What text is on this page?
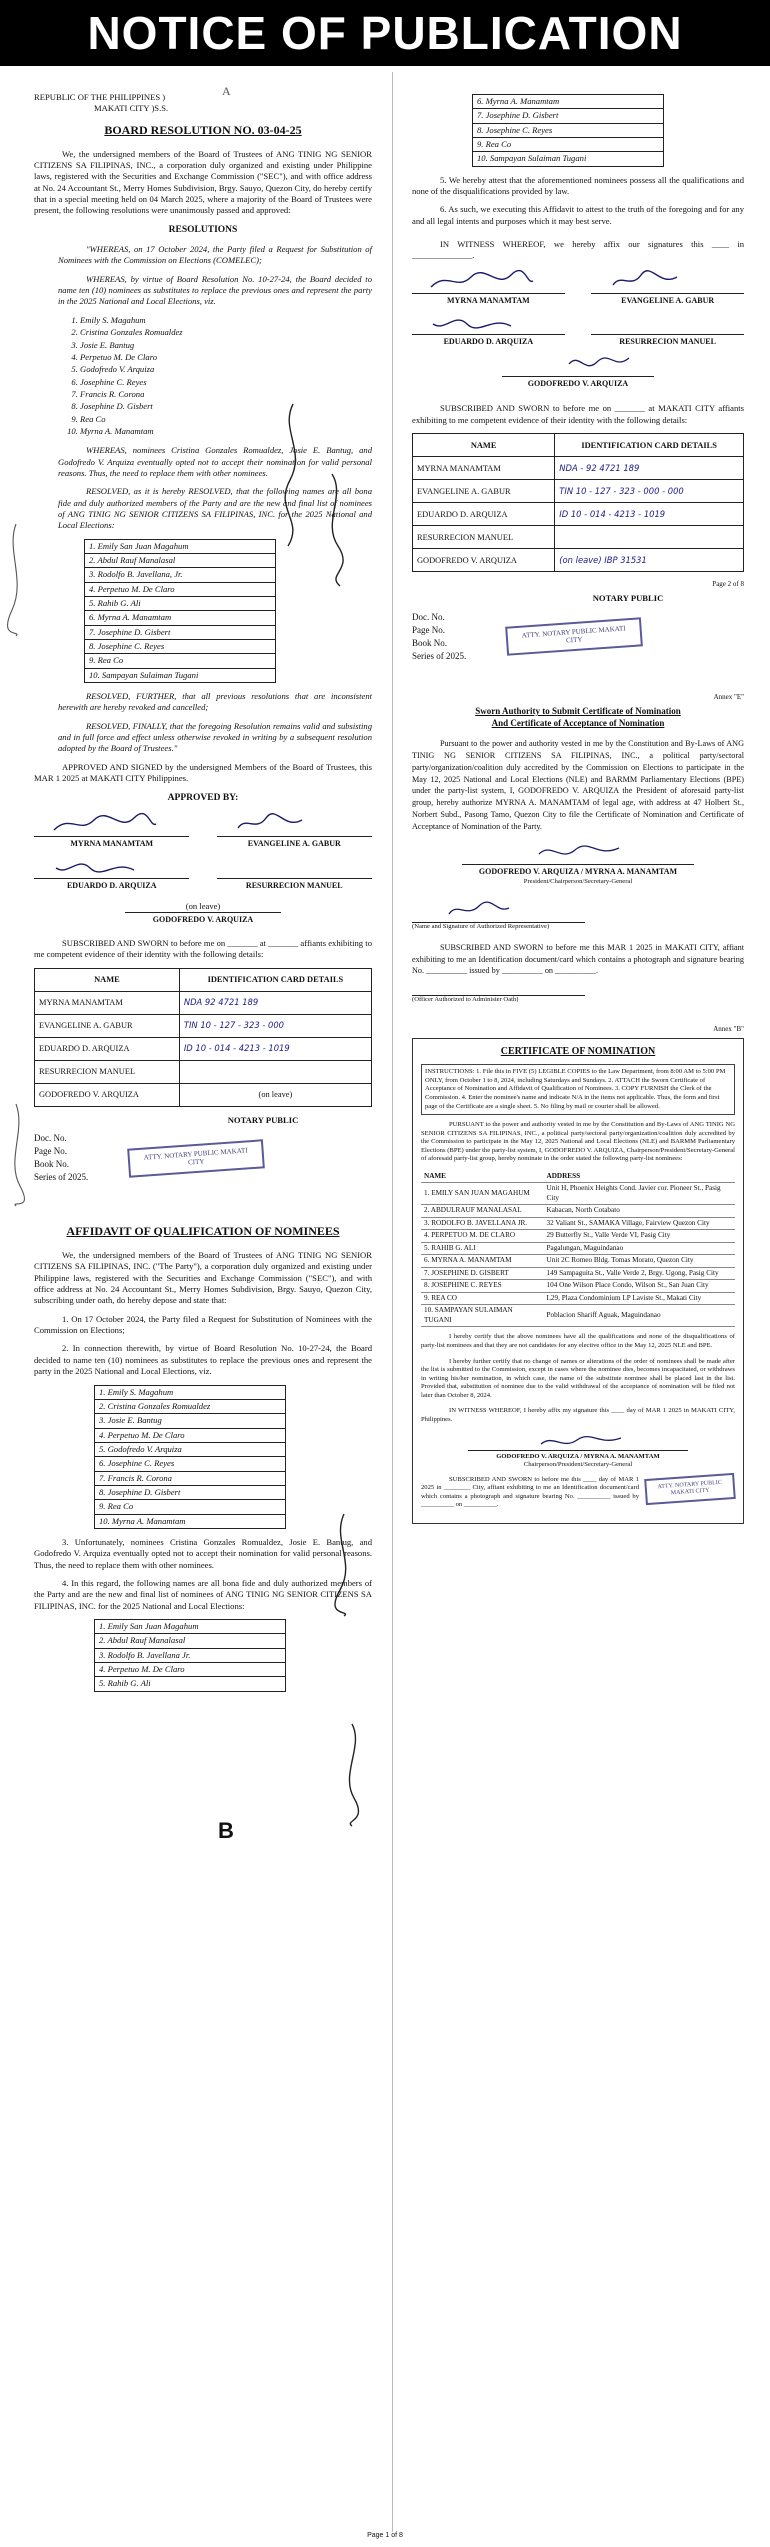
NOTICE OF PUBLICATION
A
B
REPUBLIC OF THE PHILIPPINES )
MAKATI CITY )S.S.
BOARD RESOLUTION NO. 03-04-25

We, the undersigned members of the Board of Trustees of ANG TINIG NG SENIOR CITIZENS SA FILIPINAS, INC., a corporation duly organized and existing under Philippine laws, registered with the Securities and Exchange Commission ("SEC"), and with office address at No. 24 Accountant St., Merry Homes Subdivision, Brgy. Sauyo, Quezon City, do hereby certify that in a special meeting held on 04 March 2025, where a majority of the Board of Trustees were present, the following resolutions were unanimously passed and approved:

RESOLUTIONS

"WHEREAS, on 17 October 2024, the Party filed a Request for Substitution of Nominees with the Commission on Elections (COMELEC);

WHEREAS, by virtue of Board Resolution No. 10-27-24, the Board decided to name ten (10) nominees as substitutes to replace the previous ones and represent the party in the 2025 National and Local Elections, viz.

1. Emily S. Magahum
2. Cristina Gonzales Romualdez
3. Josie E. Bantug
4. Perpetuo M. De Claro
5. Godofredo V. Arquiza
6. Josephine C. Reyes
7. Francis R. Corona
8. Josephine D. Gisbert
9. Rea Co
10. Myrna A. Manamtam

WHEREAS, nominees Cristina Gonzales Romualdez, Josie E. Bantug, and Godofredo V. Arquiza eventually opted not to accept their nomination for valid personal reasons. Thus, the need to replace them with other nominees.

RESOLVED, as it is hereby RESOLVED, that the following names are all bona fide and duly authorized members of the Party and are the new and final list of nominees of ANG TINIG NG SENIOR CITIZENS SA FILIPINAS, INC. for the 2025 National and Local Elections:

1. Emily San Juan Magahum
2. Abdul Rauf Manalasal
3. Rodolfo B. Javellana, Jr.
4. Perpetuo M. De Claro
5. Rahib G. Ali
6. Myrna A. Manamtam
7. Josephine D. Gisbert
8. Josephine C. Reyes
9. Rea Co
10. Sampayan Sulaiman Tugani

RESOLVED, FURTHER, that all previous resolutions that are inconsistent herewith are hereby revoked and cancelled;

RESOLVED, FINALLY, that the foregoing Resolution remains valid and subsisting and in full force and effect unless otherwise revoked in writing by a subsequent resolution adopted by the Board of Trustees."

APPROVED AND SIGNED by the undersigned Members of the Board of Trustees, this MAR 1 2025 at MAKATI CITY Philippines.

APPROVED BY:
MYRNA MANAMTAM	EVANGELINE A. GABUR
EDUARDO D. ARQUIZA	RESURRECION MANUEL
(on leave)
GODOFREDO V. ARQUIZA

SUBSCRIBED AND SWORN to before me on _______ at _______ affiants exhibiting to me competent evidence of their identity with the following details:

NAME	IDENTIFICATION CARD DETAILS
MYRNA MANAMTAM	NDA 92 4721 189
EVANGELINE A. GABUR	TIN 10 - 127 - 323 - 000
EDUARDO D. ARQUIZA	ID 10 - 014 - 4213 - 1019
RESURRECION MANUEL	
GODOFREDO V. ARQUIZA	(on leave)
NOTARY PUBLIC
Doc. No.
Page No.
Book No.
Series of 2025.
ATTY. NOTARY PUBLIC MAKATI CITY
AFFIDAVIT OF QUALIFICATION OF NOMINEES

We, the undersigned members of the Board of Trustees of ANG TINIG NG SENIOR CITIZENS SA FILIPINAS, INC. ("The Party"), a corporation duly organized and existing under Philippine laws, registered with the Securities and Exchange Commission ("SEC"), and with office address at No. 24 Accountant St., Merry Homes Subdivision, Brgy. Sauyo, Quezon City, subscribing under oath, do hereby depose and state that:

1. On 17 October 2024, the Party filed a Request for Substitution of Nominees with the Commission on Elections;

2. In connection therewith, by virtue of Board Resolution No. 10-27-24, the Board decided to name ten (10) nominees as substitutes to replace the previous ones and represent the party in the 2025 National and Local Elections, viz.

1. Emily S. Magahum
2. Cristina Gonzales Romualdez
3. Josie E. Bantug
4. Perpetuo M. De Claro
5. Godofredo V. Arquiza
6. Josephine C. Reyes
7. Francis R. Corona
8. Josephine D. Gisbert
9. Rea Co
10. Myrna A. Manamtam

3. Unfortunately, nominees Cristina Gonzales Romualdez, Josie E. Bantug, and Godofredo V. Arquiza eventually opted not to accept their nomination for valid personal reasons. Thus, the need to replace them with other nominees.

4. In this regard, the following names are all bona fide and duly authorized members of the Party and are the new and final list of nominees of ANG TINIG NG SENIOR CITIZENS SA FILIPINAS, INC. for the 2025 National and Local Elections:

1. Emily San Juan Magahum
2. Abdul Rauf Manalasal
3. Rodolfo B. Javellana Jr.
4. Perpetuo M. De Claro
5. Rahib G. Ali
6. Myrna A. Manamtam
7. Josephine D. Gisbert
8. Josephine C. Reyes
9. Rea Co
10. Sampayan Sulaiman Tugani

5. We hereby attest that the aforementioned nominees possess all the qualifications and none of the disqualifications provided by law.

6. As such, we executing this Affidavit to attest to the truth of the foregoing and for any and all legal intents and purposes which it may best serve.

IN WITNESS WHEREOF, we hereby affix our signatures this ____ in ______________.

MYRNA MANAMTAM	EVANGELINE A. GABUR
EDUARDO D. ARQUIZA	RESURRECION MANUEL
GODOFREDO V. ARQUIZA

SUBSCRIBED AND SWORN to before me on _______ at MAKATI CITY affiants exhibiting to me competent evidence of their identity with the following details:

NAME	IDENTIFICATION CARD DETAILS
MYRNA MANAMTAM	NDA - 92 4721 189
EVANGELINE A. GABUR	TIN 10 - 127 - 323 - 000 - 000
EDUARDO D. ARQUIZA	ID 10 - 014 - 4213 - 1019
RESURRECION MANUEL	
GODOFREDO V. ARQUIZA	(on leave) IBP 31531
Page 2 of 8
NOTARY PUBLIC
Doc. No.
Page No.
Book No.
Series of 2025.
ATTY. NOTARY PUBLIC MAKATI CITY
Annex "E"
Sworn Authority to Submit Certificate of Nomination
And Certificate of Acceptance of Nomination

Pursuant to the power and authority vested in me by the Constitution and By-Laws of ANG TINIG NG SENIOR CITIZENS SA FILIPINAS, INC., a political party/sectoral party/organization/coalition duly accredited by the Commission on Elections to participate in the May 12, 2025 National and Local Elections (NLE) and BARMM Parliamentary Elections (BPE) under the party-list system, I, GODOFREDO V. ARQUIZA the President of aforesaid party-list group, hereby authorize MYRNA A. MANAMTAM of legal age, with address at 47 Holbert St., Norbert Subd., Pasong Tamo, Quezon City to file the Certificate of Nomination and Certificate of Acceptance of Nomination of the Party.

GODOFREDO V. ARQUIZA / MYRNA A. MANAMTAM
President/Chairperson/Secretary-General
(Name and Signature of Authorized Representative)

SUBSCRIBED AND SWORN to before me this MAR 1 2025 in MAKATI CITY, affiant exhibiting to me an Identification document/card which contains a photograph and signature bearing No. __________ issued by __________ on __________.

(Officer Authorized to Administer Oath)
Annex "B"
CERTIFICATE OF NOMINATION
INSTRUCTIONS: 1. File this in FIVE (5) LEGIBLE COPIES to the Law Department, from 8:00 AM to 5:00 PM ONLY, from October 1 to 8, 2024, including Saturdays and Sundays. 2. ATTACH the Sworn Certificate of Acceptance of Nomination and Affidavit of Qualification of Nominees. 3. COPY FURNISH the Clerk of the Commission. 4. Enter the nominee's name and indicate N/A in the items not applicable. Thus, the form and first page of the Certificate are a single sheet. 5. No filing by mail or courier shall be allowed.

PURSUANT to the power and authority vested in me by the Constitution and By-Laws of ANG TINIG NG SENIOR CITIZENS SA FILIPINAS, INC., a political party/sectoral party/organization/coalition duly accredited by the Commission to participate in the May 12, 2025 National and Local Elections (NLE) and BARMM Parliamentary Elections (BPE) under the party-list system, I, GODOFREDO V. ARQUIZA, Chairperson/President/Secretary-General of aforesaid party-list group, hereby nominate in the order stated the following party-list nominees:

NAME	ADDRESS
1. EMILY SAN JUAN MAGAHUM	Unit H, Phoenix Heights Cond. Javier cor. Pioneer St., Pasig City
2. ABDULRAUF MANALASAL	Kabacan, North Cotabato
3. RODOLFO B. JAVELLANA JR.	32 Valiant St., SAMAKA Village, Fairview Quezon City
4. PERPETUO M. DE CLARO	29 Butterfly St., Valle Verde VI, Pasig City
5. RAHIB G. ALI	Pagalungan, Maguindanao
6. MYRNA A. MANAMTAM	Unit 2C Romeo Bldg. Tomas Morato, Quezon City
7. JOSEPHINE D. GISBERT	149 Sampaguita St., Valle Verde 2, Brgy. Ugong, Pasig City
8. JOSEPHINE C. REYES	104 One Wilson Place Condo, Wilson St., San Juan City
9. REA CO	L29, Plaza Condominium LP Laviste St., Makati City
10. SAMPAYAN SULAIMAN TUGANI	Poblacion Shariff Aguak, Maguindanao

I hereby certify that the above nominees have all the qualifications and none of the disqualifications of party-list nominees and that they are not candidates for any elective office in the May 12, 2025 NLE and BPE.

I hereby further certify that no change of names or alterations of the order of nominees shall be made after the list is submitted to the Commission, except in cases where the nominee dies, becomes incapacitated, or withdraws in writing his/her nomination, in which case, the name of the substitute nominee shall be placed last in the list. Provided that, substitution of nominee due to the valid withdrawal of the acceptance of nomination will be filed not later than October 8, 2024.

IN WITNESS WHEREOF, I hereby affix my signature this ____ day of MAR 1 2025 in MAKATI CITY, Philippines.

GODOFREDO V. ARQUIZA / MYRNA A. MANAMTAM
Chairperson/President/Secretary-General

SUBSCRIBED AND SWORN to before me this ____ day of MAR 1 2025 in ________ City, affiant exhibiting to me an Identification document/card which contains a photograph and signature bearing No. __________ issued by __________ on __________.

ATTY. NOTARY PUBLIC MAKATI CITY
Page 1 of 8
